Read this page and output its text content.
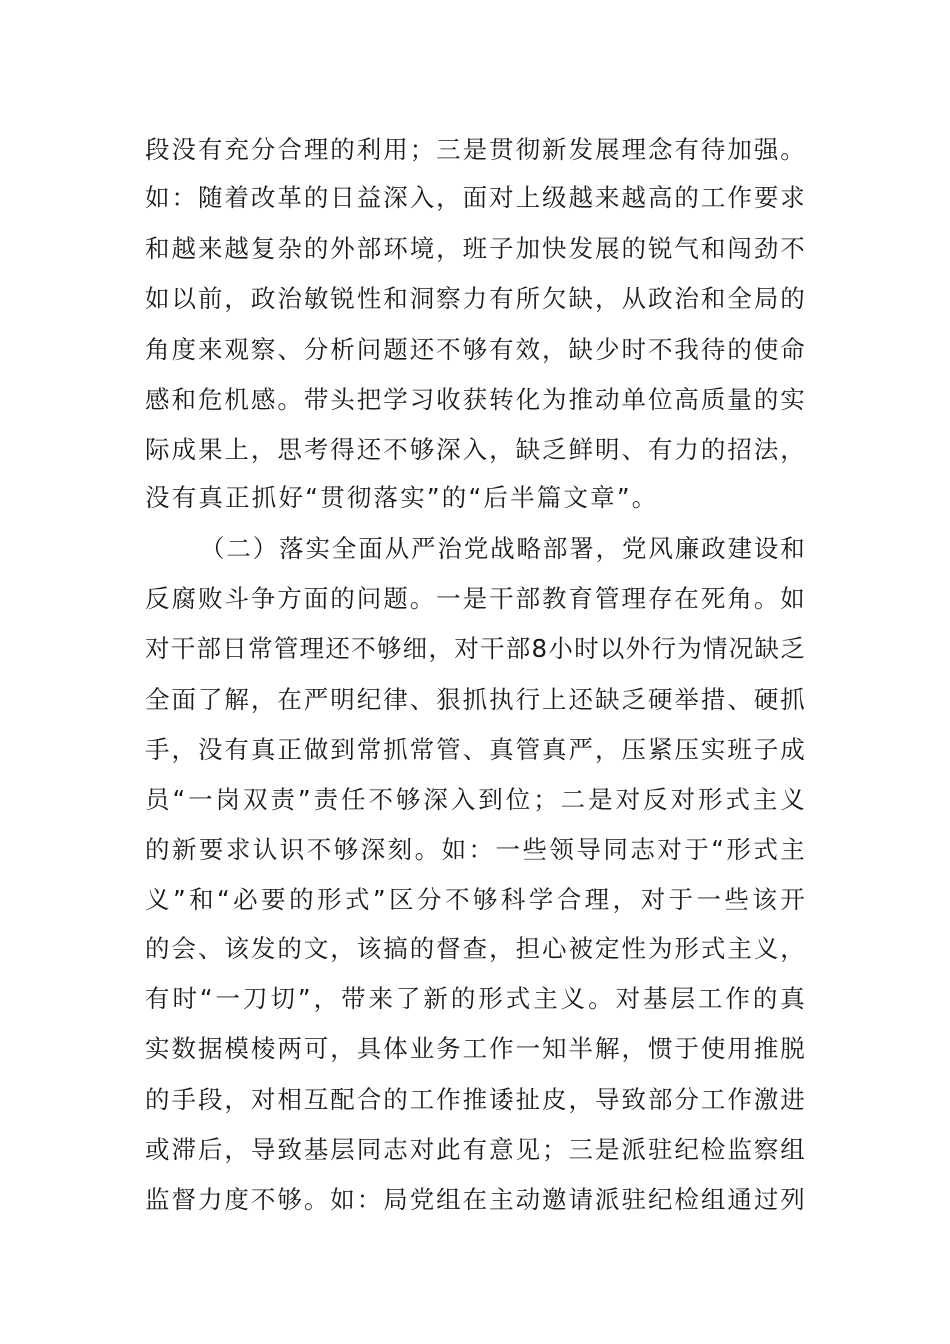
段没有充分合理的利用；三是贯彻新发展理念有待加强。
如：随着改革的日益深入，面对上级越来越高的工作要求
和越来越复杂的外部环境，班子加快发展的锐气和闯劲不
如以前，政治敏锐性和洞察力有所欠缺，从政治和全局的
角度来观察、分析问题还不够有效，缺少时不我待的使命
感和危机感。带头把学习收获转化为推动单位高质量的实
际成果上，思考得还不够深入，缺乏鲜明、有力的招法，
没有真正抓好“贯彻落实”的“后半篇文章”。
（二）落实全面从严治党战略部署，党风廉政建设和
反腐败斗争方面的问题。一是干部教育管理存在死角。如
对干部日常管理还不够细，对干部8小时以外行为情况缺乏
全面了解，在严明纪律、狠抓执行上还缺乏硬举措、硬抓
手，没有真正做到常抓常管、真管真严，压紧压实班子成
员“一岗双责”责任不够深入到位；二是对反对形式主义
的新要求认识不够深刻。如：一些领导同志对于“形式主
义”和“必要的形式”区分不够科学合理，对于一些该开
的会、该发的文，该搞的督查，担心被定性为形式主义，
有时“一刀切”，带来了新的形式主义。对基层工作的真
实数据模棱两可，具体业务工作一知半解，惯于使用推脱
的手段，对相互配合的工作推诿扯皮，导致部分工作激进
或滞后，导致基层同志对此有意见；三是派驻纪检监察组
监督力度不够。如：局党组在主动邀请派驻纪检组通过列
